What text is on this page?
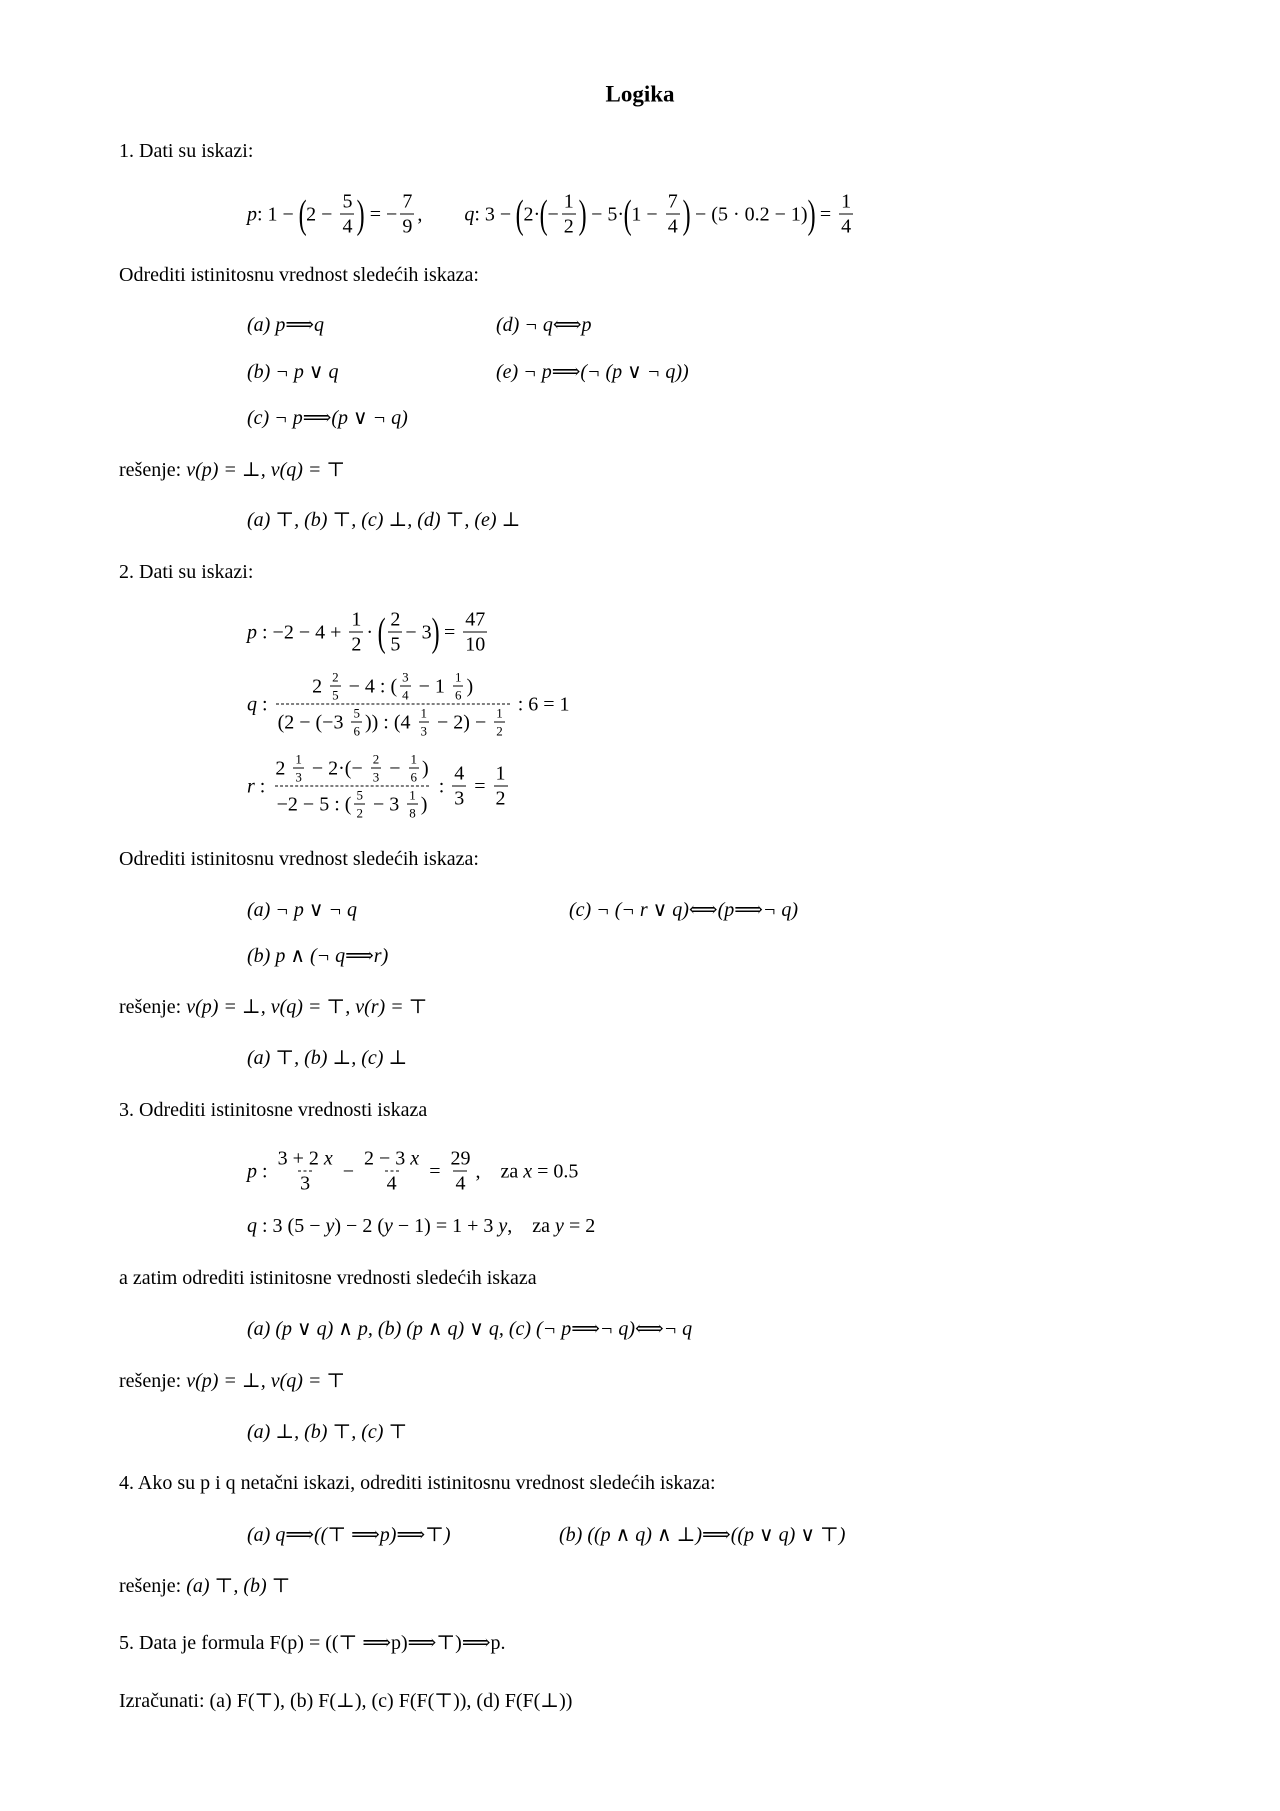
Logika
1. Dati su iskazi:
p : 1 − ( $2 - \frac{5}{4}$ ) = − $\frac{7}{9}$ ,
q : 3 − ( 2· ( − $\frac{1}{2}$ ) − 5· ( $1 - \frac{7}{4}$ ) − (5 · 0.2 − 1) ) = $\frac{1}{4}$
Odrediti istinitosnu vrednost sledećih iskaza:
(a) p⟹q	(d) ¬ q⟺p
(b) ¬ p ∨ q	(e) ¬ p⟹(¬ (p ∨ ¬ q))
(c) ¬ p⟹(p ∨ ¬ q)
rešenje: v(p) = ⊥, v(q) = ⊤
(a) ⊤, (b) ⊤, (c) ⊥, (d) ⊤, (e) ⊥
2. Dati su iskazi:
p : $-2 - 4 + \frac{1}{2}$ · ( $\frac{2}{5} - 3$ ) = $\frac{47}{10}$
q : $\frac{2 \frac{2}{5} - 4 : ( \frac{3}{4} - 1 \frac{1}{6} )}{(2 - (-3 \frac{5}{6} )) : (4 \frac{1}{3} - 2) - \frac{1}{2}}$ : 6 = 1
r : $\frac{2 \frac{1}{3} - 2\cdot(- \frac{2}{3} - \frac{1}{6} )}{-2 - 5 : ( \frac{5}{2} - 3 \frac{1}{8} )}$ : $\frac{4}{3} = \frac{1}{2}$
Odrediti istinitosnu vrednost sledećih iskaza:
(a) ¬ p ∨ ¬ q	(c) ¬ (¬ r ∨ q)⟺(p⟹¬ q)
(b) p ∧ (¬ q⟹r)
rešenje: v(p) = ⊥, v(q) = ⊤, v(r) = ⊤
(a) ⊤, (b) ⊥, (c) ⊥
3. Odrediti istinitosne vrednosti iskaza
p : $\frac{3 + 2 x}{3} - \frac{2 - 3 x}{4} = \frac{29}{4}$ ,    za x = 0.5
q : 3 (5 − y ) − 2 ( y − 1) = 1 + 3 y ,    za y = 2
a zatim odrediti istinitosne vrednosti sledećih iskaza
(a) (p ∨ q) ∧ p, (b) (p ∧ q) ∨ q, (c) (¬ p⟹¬ q)⟺¬ q
rešenje: v(p) = ⊥, v(q) = ⊤
(a) ⊥, (b) ⊤, (c) ⊤
4. Ako su p i q netačni iskazi, odrediti istinitosnu vrednost sledećih iskaza:
(a) q⟹((⊤ ⟹p)⟹⊤)	(b) ((p ∧ q) ∧ ⊥)⟹((p ∨ q) ∨ ⊤)
rešenje: (a) ⊤, (b) ⊤
5. Data je formula F(p) = ((⊤ ⟹p)⟹⊤)⟹p.
Izračunati: (a) F(⊤), (b) F(⊥), (c) F(F(⊤)), (d) F(F(⊥))
